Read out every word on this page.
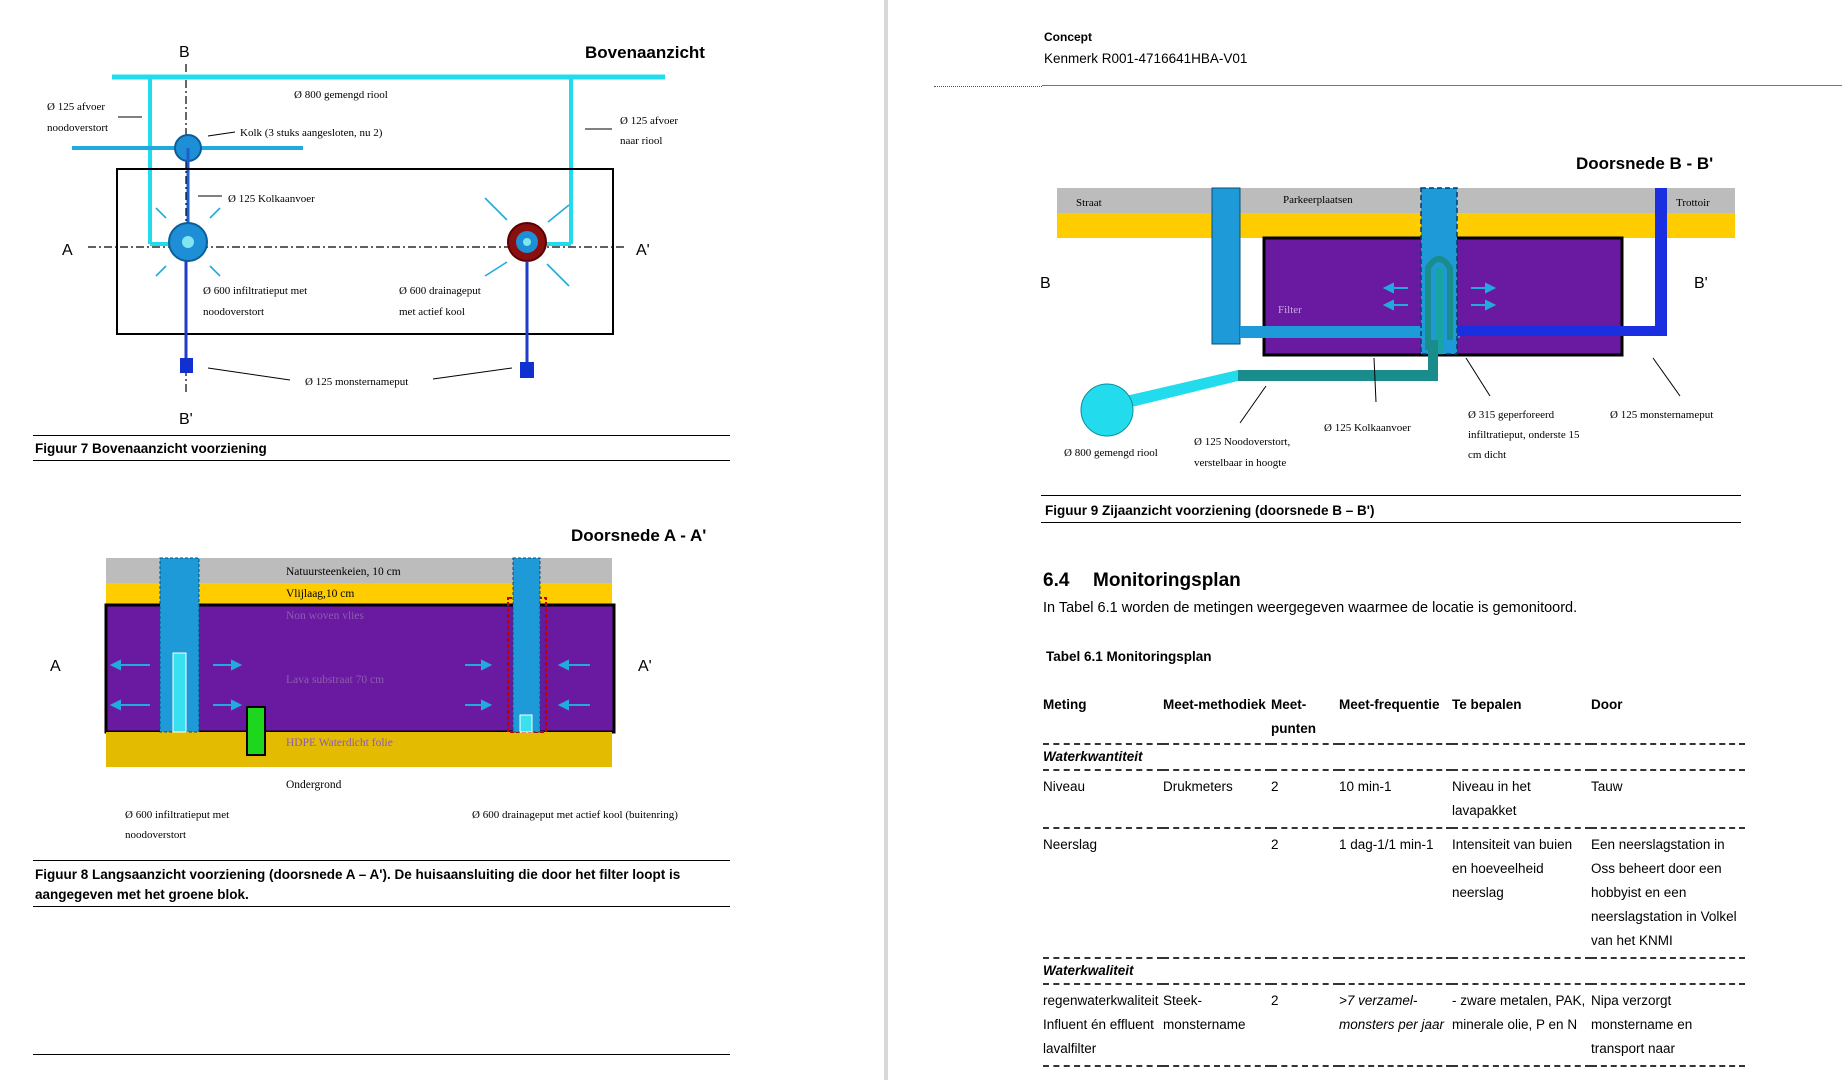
Bovenaanzicht
B
B'
Ø 800 gemengd riool
Ø 125 afvoer
noodoverstort	Kolk (3 stuks aangesloten, nu 2)
Ø 125 afvoer
naar riool
A	A'
Ø 125 Kolkaanvoer
Ø 600 infiltratieput met
noodoverstort
Ø 600 drainageput
met actief kool
Ø 125 monsternameput
Figuur 7 Bovenaanzicht voorziening
Doorsnede A - A'
A	A'
Natuursteenkeien, 10 cm
Vlijlaag,10 cm
Non woven vlies
Lava substraat 70 cm
HDPE Waterdicht folie
Ondergrond
Ø 600 infiltratieput met	Ø 600 drainageput met actief kool (buitenring)
noodoverstort
Figuur 8 Langsaanzicht voorziening (doorsnede A – A'). De huisaansluiting die door het filter loopt is
aangegeven met het groene blok.
Concept
Kenmerk R001-4716641HBA-V01
Doorsnede B - B'
B	B'
Straat	Parkeerplaatsen	Trottoir
Filter
Ø 800 gemengd riool
Ø 125 Noodoverstort,
verstelbaar in hoogte
Ø 125 Kolkaanvoer
Ø 315 geperforeerd
infiltratieput, onderste 15
cm dicht
Ø 125 monsternameput
Figuur 9 Zijaanzicht voorziening (doorsnede B – B')
6.4 Monitoringsplan
In Tabel 6.1 worden de metingen weergegeven waarmee de locatie is gemonitoord.
Tabel 6.1 Monitoringsplan
Meting	Meet-methodiek	Meet-punten	Meet-frequentie	Te bepalen	Door
Waterkwantiteit					
Niveau	Drukmeters	2	10 min-1	Niveau in het lavapakket	Tauw
Neerslag		2	1 dag-1/1 min-1	Intensiteit van buien en hoeveelheid neerslag	Een neerslagstation in Oss beheert door een hobbyist en een neerslagstation in Volkel van het KNMI
Waterkwaliteit					
regenwaterkwaliteit Influent én effluent lavalfilter	Steek-monstername	2	>7 verzamel-monsters per jaar	- zware metalen, PAK, minerale olie, P en N	Nipa verzorgt monstername en transport naar
